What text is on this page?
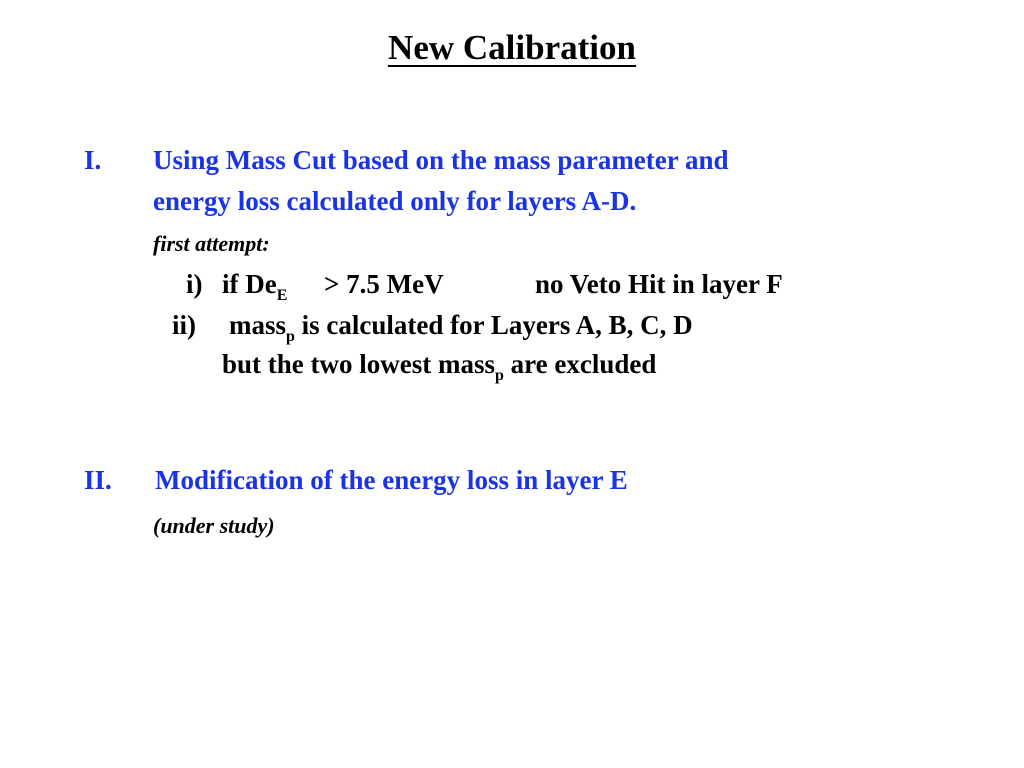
New Calibration
I. Using Mass Cut based on the mass parameter and
energy loss calculated only for layers A-D.
first attempt:
i) if $De_E > 7.5$ MeV	no Veto Hit in layer F
ii) mass$_p$ is calculated for Layers A, B, C, D
but the two lowest mass$_p$ are excluded
II. Modification of the energy loss in layer E
(under study)
